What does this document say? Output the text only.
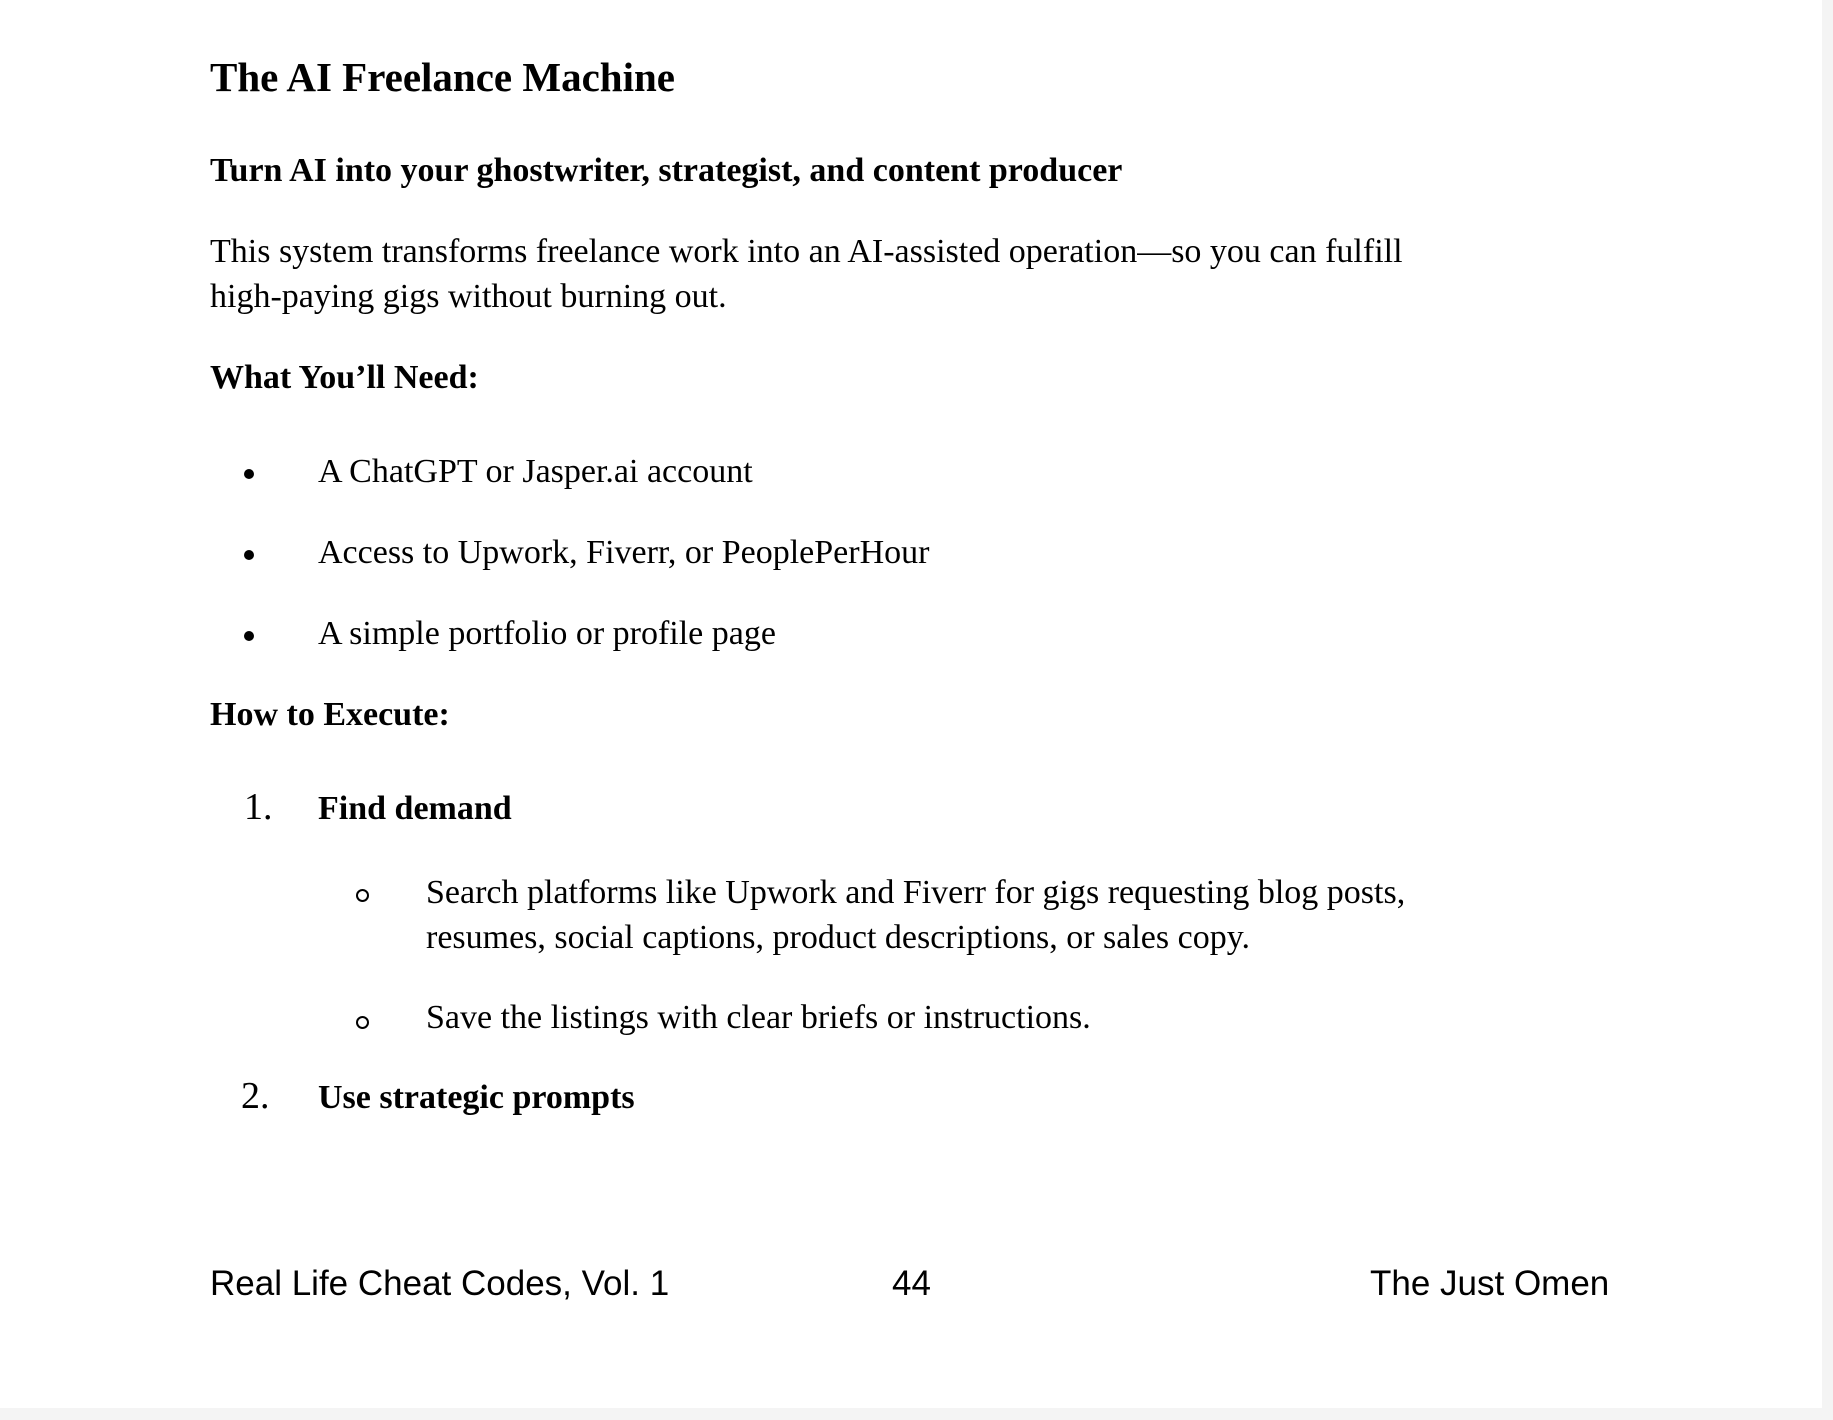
The AI Freelance Machine
Turn AI into your ghostwriter, strategist, and content producer

This system transforms freelance work into an AI-assisted operation—so you can fulfill

high-paying gigs without burning out.

What You’ll Need:
A ChatGPT or Jasper.ai account
Access to Upwork, Fiverr, or PeoplePerHour
A simple portfolio or profile page
How to Execute:
1. Find demand
Search platforms like Upwork and Fiverr for gigs requesting blog posts,
resumes, social captions, product descriptions, or sales copy.
Save the listings with clear briefs or instructions.
2. Use strategic prompts
Real Life Cheat Codes, Vol. 1	44	The Just Omen
